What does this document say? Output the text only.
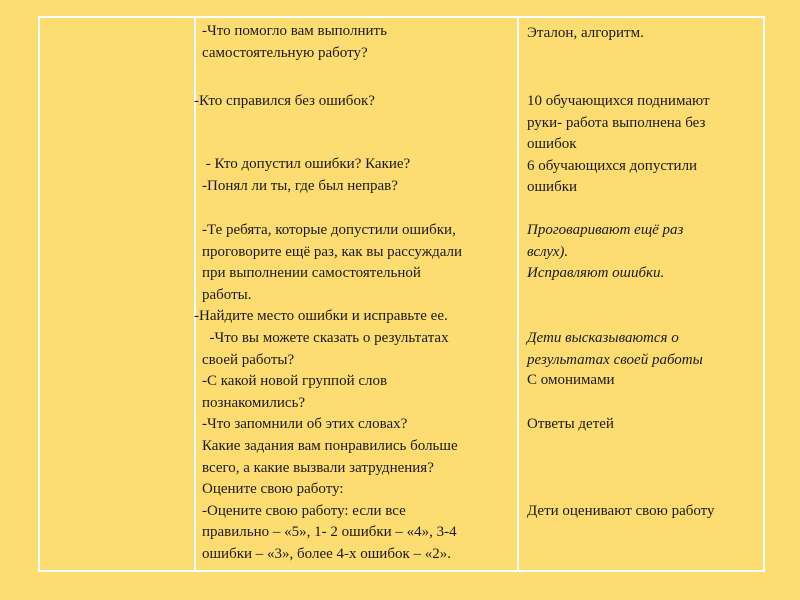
-Что помогло вам выполнить
самостоятельную работу?
-Кто справился без ошибок?
- Кто допустил ошибки? Какие?
-Понял ли ты, где был неправ?
-Те ребята, которые допустили ошибки,
проговорите ещё раз, как вы рассуждали
при выполнении самостоятельной
работы.
-Найдите место ошибки и исправьте ее.
-Что вы можете сказать о результатах
своей работы?
-С какой новой группой слов
познакомились?
-Что запомнили об этих словах?
Какие задания вам понравились больше
всего, а какие вызвали затруднения?
Оцените свою работу:
-Оцените свою работу: если все
правильно – «5», 1- 2 ошибки – «4», 3-4
ошибки – «3», более 4-х ошибок – «2».
Эталон, алгоритм.
10 обучающихся поднимают
руки- работа выполнена без
ошибок
6 обучающихся допустили
ошибки
Проговаривают ещё раз
вслух).
Исправляют ошибки.
Дети высказываются о
результатах своей работы
С омонимами
Ответы детей
Дети оценивают свою работу
